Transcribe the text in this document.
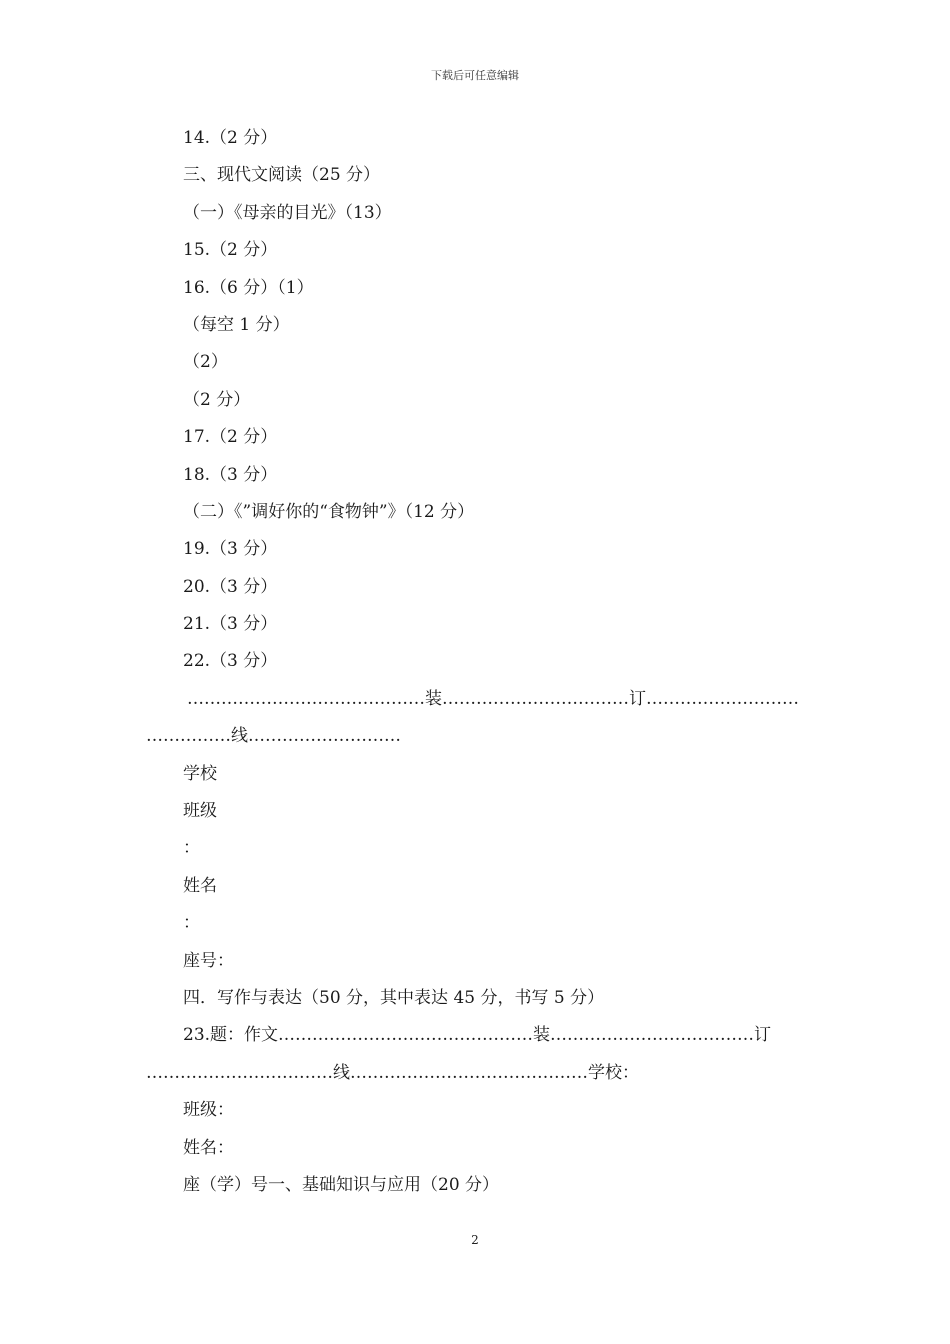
下载后可任意编辑
14.（2 分）
三、现代文阅读（25 分）
（一）《母亲的目光》（13）
15.（2 分）
16.（6 分）（1）
（每空 1 分）
（2）
（2 分）
17.（2 分）
18.（3 分）
（二）《”调好你的“食物钟”》（12 分）
19.（3 分）
20.（3 分）
21.（3 分）
22.（3 分）
……………………………………装……………………………订………………………
……………线………………………
学校
班级
：
姓名
：
座号：
四．写作与表达（50 分，其中表达 45 分，书写 5 分）
23.题：作文………………………………………装………………………………订
……………………………线……………………………………学校：
班级：
姓名：
座（学）号一、基础知识与应用（20 分）
2
